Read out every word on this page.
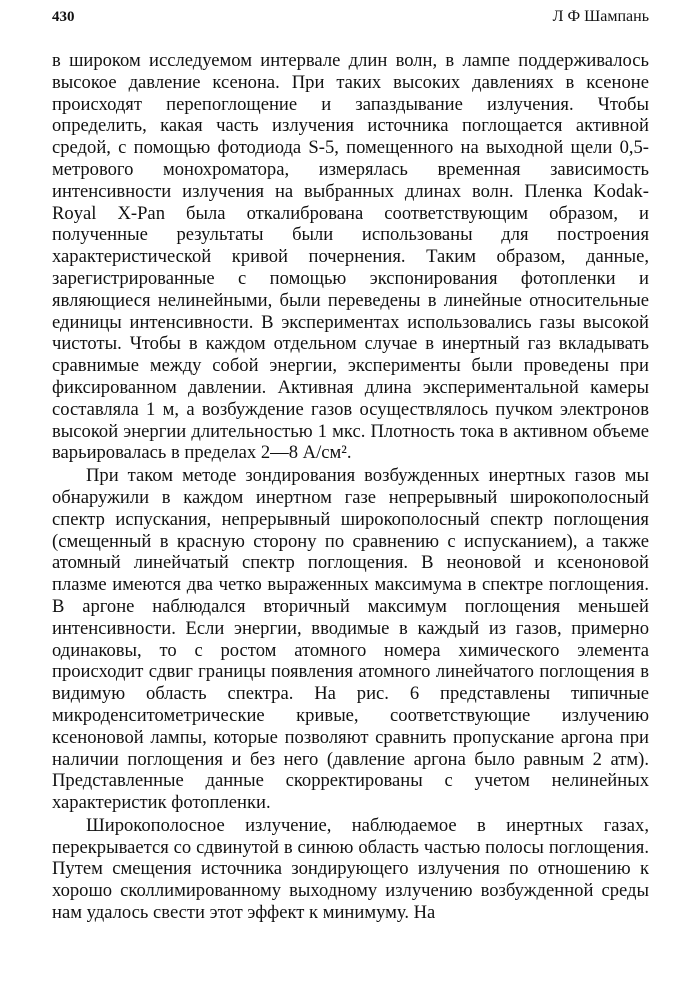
430	Л Ф Шампань

в широком исследуемом интервале длин волн, в лампе поддерживалось высокое давление ксенона. При таких высоких давлениях в ксеноне происходят перепоглощение и запаздывание излучения. Чтобы определить, какая часть излучения источника поглощается активной средой, с помощью фотодиода S-5, помещенного на выходной щели 0,5-метрового монохроматора, измерялась временная зависимость интенсивности излучения на выбранных длинах волн. Пленка Kodak-Royal X-Pan была откалибрована соответствующим образом, и полученные результаты были использованы для построения характеристической кривой почернения. Таким образом, данные, зарегистрированные с помощью экспонирования фотопленки и являющиеся нелинейными, были переведены в линейные относительные единицы интенсивности. В экспериментах использовались газы высокой чистоты. Чтобы в каждом отдельном случае в инертный газ вкладывать сравнимые между собой энергии, эксперименты были проведены при фиксированном давлении. Активная длина экспериментальной камеры составляла 1 м, а возбуждение газов осуществлялось пучком электронов высокой энергии длительностью 1 мкс. Плотность тока в активном объеме варьировалась в пределах 2—8 А/см².

При таком методе зондирования возбужденных инертных газов мы обнаружили в каждом инертном газе непрерывный широкополосный спектр испускания, непрерывный широкополосный спектр поглощения (смещенный в красную сторону по сравнению с испусканием), а также атомный линейчатый спектр поглощения. В неоновой и ксеноновой плазме имеются два четко выраженных максимума в спектре поглощения. В аргоне наблюдался вторичный максимум поглощения меньшей интенсивности. Если энергии, вводимые в каждый из газов, примерно одинаковы, то с ростом атомного номера химического элемента происходит сдвиг границы появления атомного линейчатого поглощения в видимую область спектра. На рис. 6 представлены типичные микроденситометрические кривые, соответствующие излучению ксеноновой лампы, которые позволяют сравнить пропускание аргона при наличии поглощения и без него (давление аргона было равным 2 атм). Представленные данные скорректированы с учетом нелинейных характеристик фотопленки.

Широкополосное излучение, наблюдаемое в инертных газах, перекрывается со сдвинутой в синюю область частью полосы поглощения. Путем смещения источника зондирующего излучения по отношению к хорошо сколлимированному выходному излучению возбужденной среды нам удалось свести этот эффект к минимуму. На
